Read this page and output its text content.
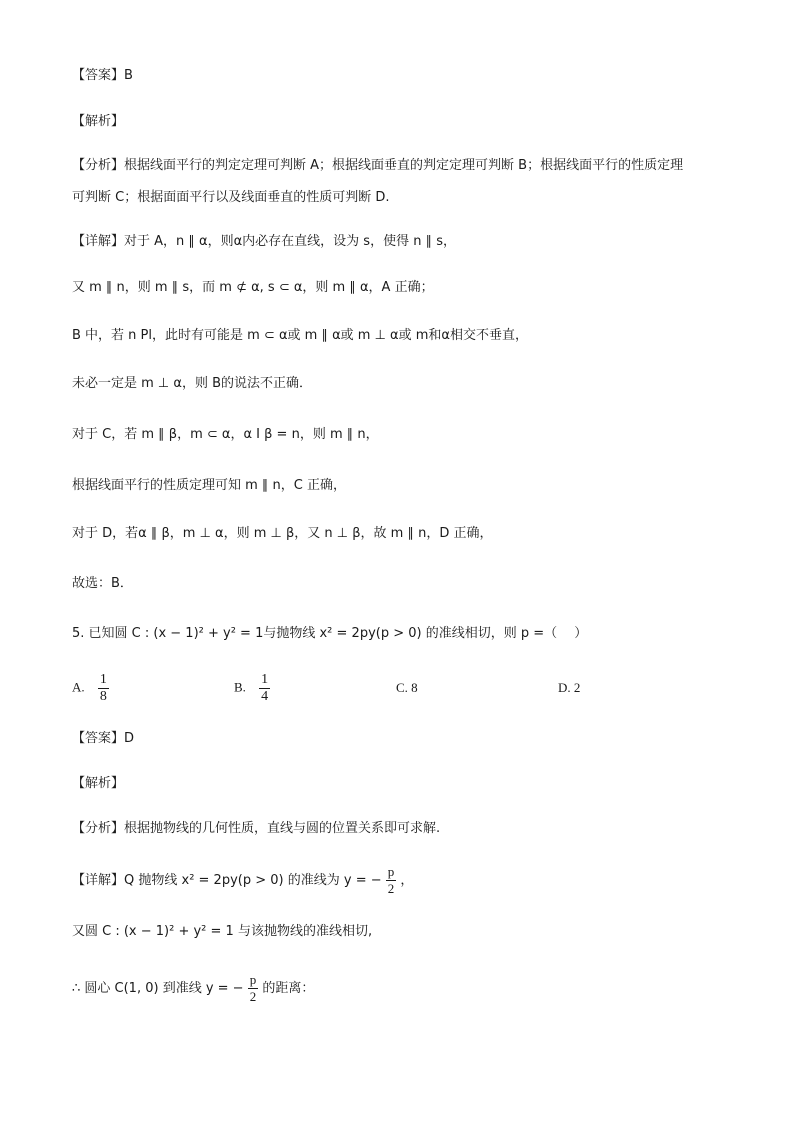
【答案】B
【解析】
【分析】根据线面平行的判定定理可判断 A；根据线面垂直的判定定理可判断 B；根据线面平行的性质定理
可判断 C；根据面面平行以及线面垂直的性质可判断 D.
【详解】对于 A，n ∥ α，则α内必存在直线，设为 s，使得 n ∥ s，
又 m ∥ n，则 m ∥ s，而 m ⊄ α, s ⊂ α，则 m ∥ α，A 正确；
B 中，若 n Pl，此时有可能是 m ⊂ α或 m ∥ α或 m ⊥ α或 m和α相交不垂直，
未必一定是 m ⊥ α，则 B的说法不正确．
对于 C，若 m ∥ β，m ⊂ α，α I β = n，则 m ∥ n，
根据线面平行的性质定理可知 m ∥ n，C 正确，
对于 D，若α ∥ β，m ⊥ α，则 m ⊥ β，又 n ⊥ β，故 m ∥ n，D 正确，
故选：B．
5. 已知圆 C : (x − 1)² + y² = 1与抛物线 x² = 2py(p > 0) 的准线相切，则 p =（　 ）
A. $\frac{1}{8}$	B. $\frac{1}{4}$	C. 8	D. 2
【答案】D
【解析】
【分析】根据抛物线的几何性质，直线与圆的位置关系即可求解.
【详解】Q 抛物线 x² = 2py(p > 0) 的准线为 y = − $\frac{p}{2}$ ，
又圆 C : (x − 1)² + y² = 1 与该抛物线的准线相切,
∴ 圆心 C(1, 0) 到准线 y = − $\frac{p}{2}$ 的距离：
